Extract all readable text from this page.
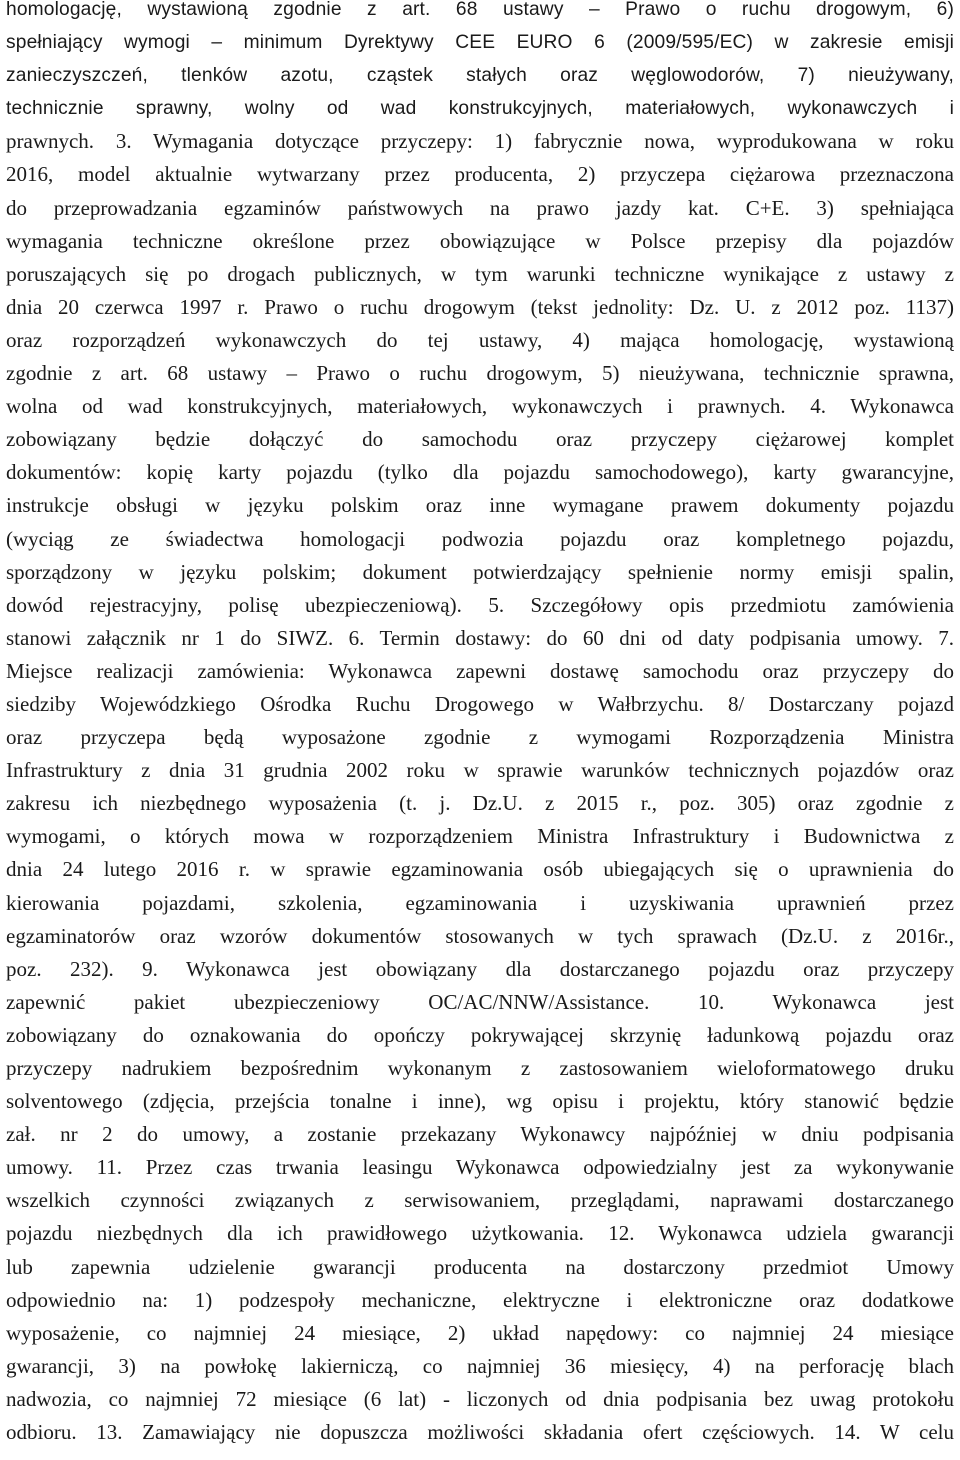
homologację, wystawioną zgodnie z art. 68 ustawy – Prawo o ruchu drogowym, 6)
spełniający wymogi – minimum Dyrektywy CEE EURO 6 (2009/595/EC) w zakresie emisji
zanieczyszczeń, tlenków azotu, cząstek stałych oraz węglowodorów, 7) nieużywany,
technicznie sprawny, wolny od wad konstrukcyjnych, materiałowych, wykonawczych i
prawnych. 3. Wymagania dotyczące przyczepy: 1) fabrycznie nowa, wyprodukowana w roku
2016, model aktualnie wytwarzany przez producenta, 2) przyczepa ciężarowa przeznaczona
do przeprowadzania egzaminów państwowych na prawo jazdy kat. C+E. 3) spełniająca
wymagania techniczne określone przez obowiązujące w Polsce przepisy dla pojazdów
poruszających się po drogach publicznych, w tym warunki techniczne wynikające z ustawy z
dnia 20 czerwca 1997 r. Prawo o ruchu drogowym (tekst jednolity: Dz. U. z 2012 poz. 1137)
oraz rozporządzeń wykonawczych do tej ustawy, 4) mająca homologację, wystawioną
zgodnie z art. 68 ustawy – Prawo o ruchu drogowym, 5) nieużywana, technicznie sprawna,
wolna od wad konstrukcyjnych, materiałowych, wykonawczych i prawnych. 4. Wykonawca
zobowiązany będzie dołączyć do samochodu oraz przyczepy ciężarowej komplet
dokumentów: kopię karty pojazdu (tylko dla pojazdu samochodowego), karty gwarancyjne,
instrukcje obsługi w języku polskim oraz inne wymagane prawem dokumenty pojazdu
(wyciąg ze świadectwa homologacji podwozia pojazdu oraz kompletnego pojazdu,
sporządzony w języku polskim; dokument potwierdzający spełnienie normy emisji spalin,
dowód rejestracyjny, polisę ubezpieczeniową). 5. Szczegółowy opis przedmiotu zamówienia
stanowi załącznik nr 1 do SIWZ. 6. Termin dostawy: do 60 dni od daty podpisania umowy. 7.
Miejsce realizacji zamówienia: Wykonawca zapewni dostawę samochodu oraz przyczepy do
siedziby Wojewódzkiego Ośrodka Ruchu Drogowego w Wałbrzychu. 8/ Dostarczany pojazd
oraz przyczepa będą wyposażone zgodnie z wymogami Rozporządzenia Ministra
Infrastruktury z dnia 31 grudnia 2002 roku w sprawie warunków technicznych pojazdów oraz
zakresu ich niezbędnego wyposażenia (t. j. Dz.U. z 2015 r., poz. 305) oraz zgodnie z
wymogami, o których mowa w rozporządzeniem Ministra Infrastruktury i Budownictwa z
dnia 24 lutego 2016 r. w sprawie egzaminowania osób ubiegających się o uprawnienia do
kierowania pojazdami, szkolenia, egzaminowania i uzyskiwania uprawnień przez
egzaminatorów oraz wzorów dokumentów stosowanych w tych sprawach (Dz.U. z 2016r.,
poz. 232). 9. Wykonawca jest obowiązany dla dostarczanego pojazdu oraz przyczepy
zapewnić pakiet ubezpieczeniowy OC/AC/NNW/Assistance. 10. Wykonawca jest
zobowiązany do oznakowania do opończy pokrywającej skrzynię ładunkową pojazdu oraz
przyczepy nadrukiem bezpośrednim wykonanym z zastosowaniem wieloformatowego druku
solventowego (zdjęcia, przejścia tonalne i inne), wg opisu i projektu, który stanowić będzie
zał. nr 2 do umowy, a zostanie przekazany Wykonawcy najpóźniej w dniu podpisania
umowy. 11. Przez czas trwania leasingu Wykonawca odpowiedzialny jest za wykonywanie
wszelkich czynności związanych z serwisowaniem, przeglądami, naprawami dostarczanego
pojazdu niezbędnych dla ich prawidłowego użytkowania. 12. Wykonawca udziela gwarancji
lub zapewnia udzielenie gwarancji producenta na dostarczony przedmiot Umowy
odpowiednio na: 1) podzespoły mechaniczne, elektryczne i elektroniczne oraz dodatkowe
wyposażenie, co najmniej 24 miesiące, 2) układ napędowy: co najmniej 24 miesiące
gwarancji, 3) na powłokę lakierniczą, co najmniej 36 miesięcy, 4) na perforację blach
nadwozia, co najmniej 72 miesiące (6 lat) - liczonych od dnia podpisania bez uwag protokołu
odbioru. 13. Zamawiający nie dopuszcza możliwości składania ofert częściowych. 14. W celu
